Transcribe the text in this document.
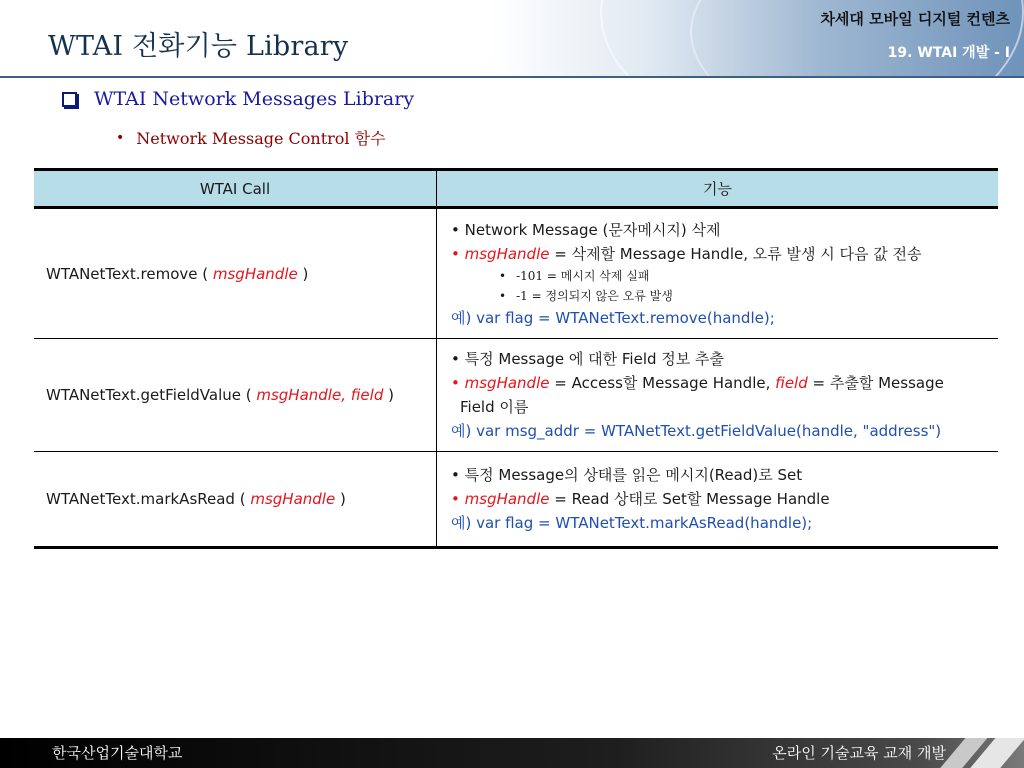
WTAI 전화기능 Library
차세대 모바일 디지털 컨텐츠
19. WTAI 개발 - I
WTAI Network Messages Library
• Network Message Control 함수
WTAI Call	기능
WTANetText.remove ( msgHandle )	• Network Message (문자메시지) 삭제
• msgHandle = 삭제할 Message Handle, 오류 발생 시 다음 값 전송
• -101 = 메시지 삭제 실패
• -1 = 정의되지 않은 오류 발생
예) var flag = WTANetText.remove(handle);

WTANetText.getFieldValue ( msgHandle, field )	• 특정 Message 에 대한 Field 정보 추출
• msgHandle = Access할 Message Handle, field = 추출할 Message
Field 이름
예) var msg_addr = WTANetText.getFieldValue(handle, "address")

WTANetText.markAsRead ( msgHandle )	• 특정 Message의 상태를 읽은 메시지(Read)로 Set
• msgHandle = Read 상태로 Set할 Message Handle
예) var flag = WTANetText.markAsRead(handle);
한국산업기술대학교	온라인 기술교육 교재 개발
